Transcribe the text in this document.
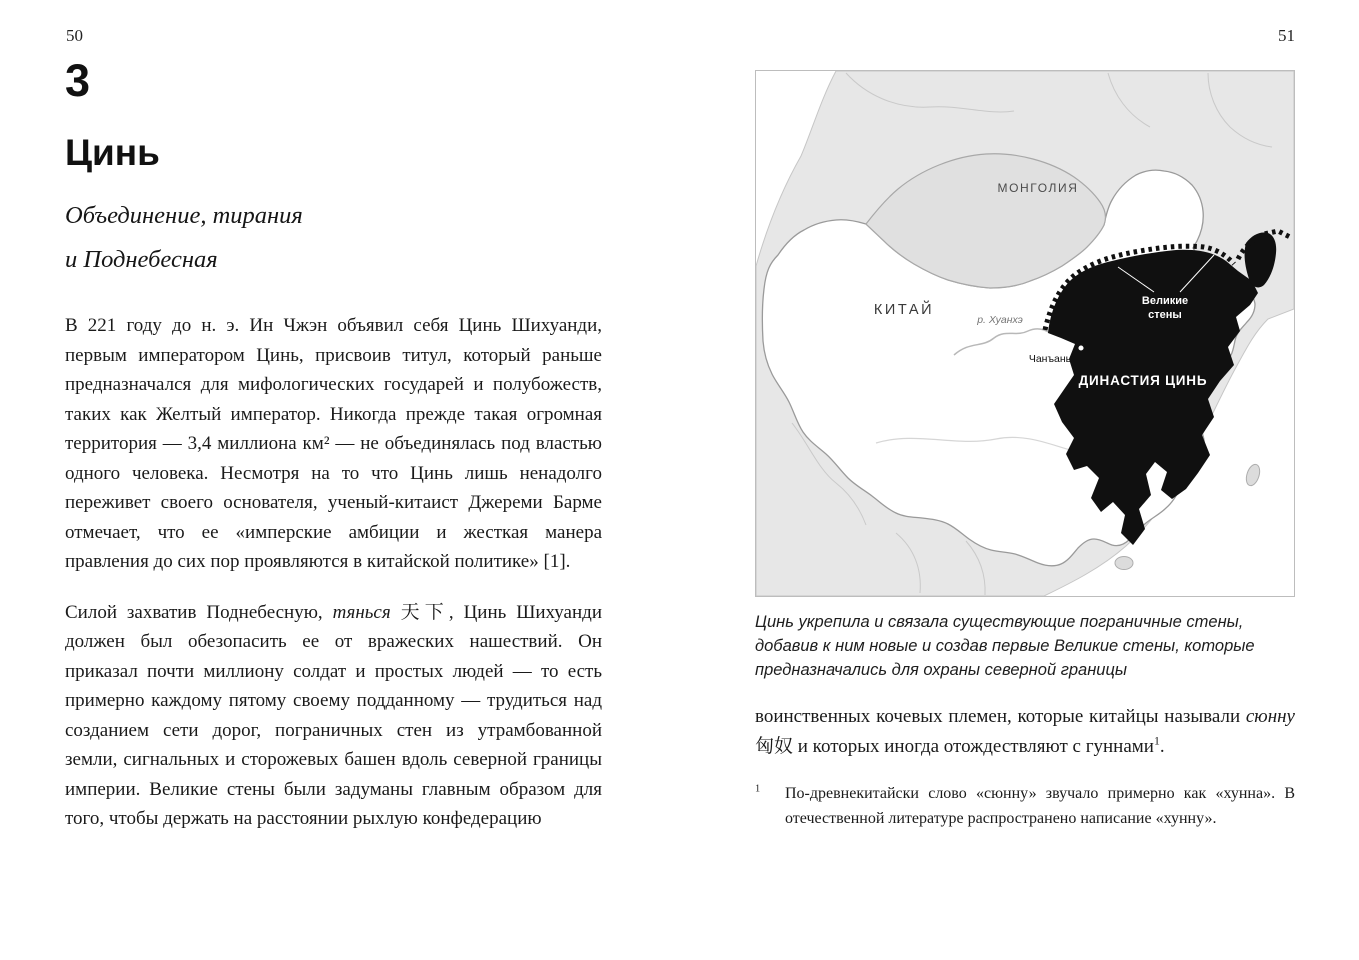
50	51
3
Цинь
Объединение, тирания
и Поднебесная

В 221 году до н. э. Ин Чжэн объявил себя Цинь Шихуанди, первым императором Цинь, присвоив титул, который раньше предназначался для мифологических государей и полубожеств, таких как Желтый император. Никогда прежде такая огромная территория — 3,4 миллиона км² — не объединялась под властью одного человека. Несмотря на то что Цинь лишь ненадолго переживет своего основателя, ученый-китаист Джереми Барме отмечает, что ее «имперские амбиции и жесткая манера правления до сих пор проявляются в китайской политике» [1].

Силой захватив Поднебесную, тянься 天下, Цинь Шихуанди должен был обезопасить ее от вражеских нашествий. Он приказал почти миллиону солдат и простых людей — то есть примерно каждому пятому своему подданному — трудиться над созданием сети дорог, пограничных стен из утрамбованной земли, сигнальных и сторожевых башен вдоль северной границы империи. Великие стены были задуманы главным образом для того, чтобы держать на расстоянии рыхлую конфедерацию

МОНГОЛИЯ
КИТАЙ
р. Хуанхэ
Чанъань
Великие
стены
ДИНАСТИЯ ЦИНЬ

Цинь укрепила и связала существующие пограничные стены, добавив к ним новые и создав первые Великие стены, которые предназначались для охраны северной границы

воинственных кочевых племен, которые китайцы называли сюнну 匈奴 и которых иногда отождествляют с гуннами$^1$.

$^1$	По-древнекитайски слово «сюнну» звучало примерно как «хунна». В отечественной литературе распространено написание «хунну».
